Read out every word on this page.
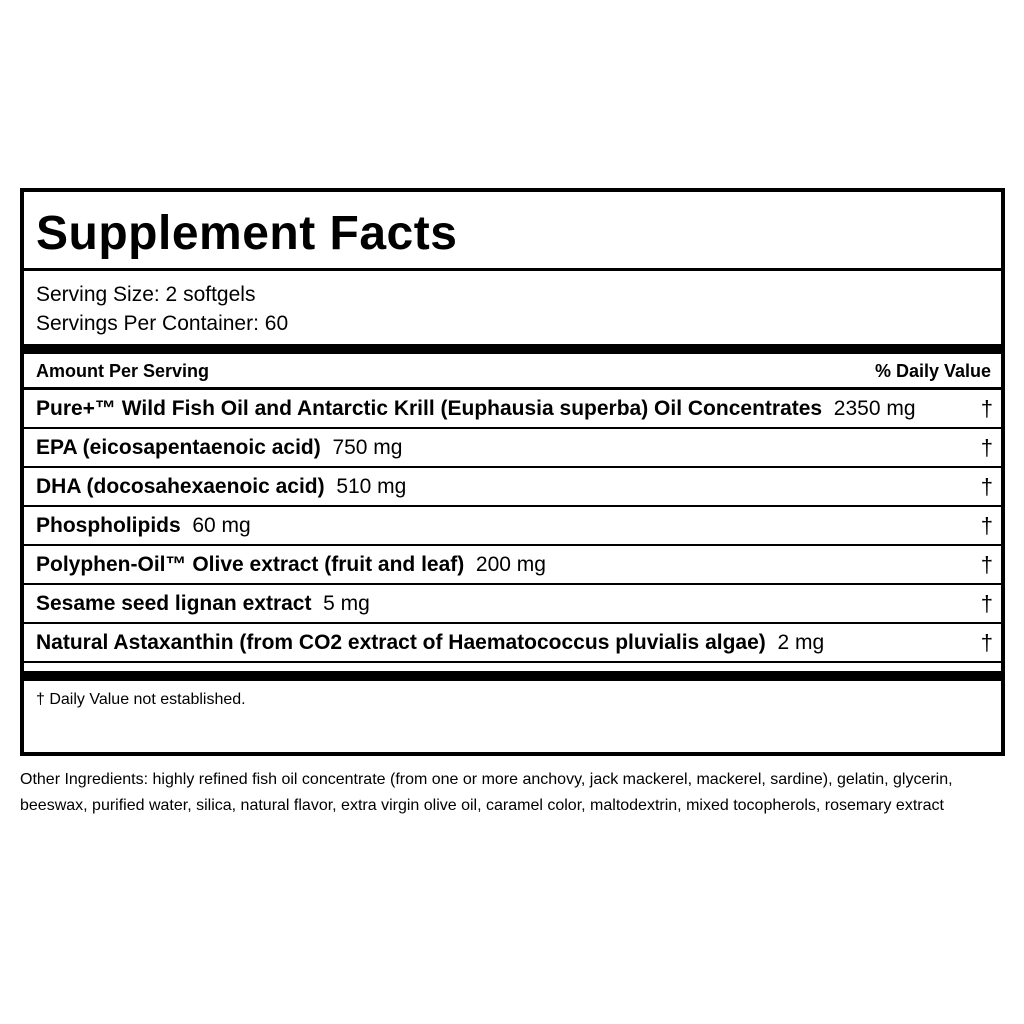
Supplement Facts
Serving Size: 2 softgels
Servings Per Container: 60
Amount Per Serving	% Daily Value
Pure+™ Wild Fish Oil and Antarctic Krill (Euphausia superba) Oil Concentrates 2350 mg	†
EPA (eicosapentaenoic acid) 750 mg	†
DHA (docosahexaenoic acid) 510 mg	†
Phospholipids 60 mg	†
Polyphen-Oil™ Olive extract (fruit and leaf) 200 mg	†
Sesame seed lignan extract 5 mg	†
Natural Astaxanthin (from CO2 extract of Haematococcus pluvialis algae) 2 mg	†
† Daily Value not established.
Other Ingredients: highly refined fish oil concentrate (from one or more anchovy, jack mackerel, mackerel, sardine), gelatin, glycerin, beeswax, purified water, silica, natural flavor, extra virgin olive oil, caramel color, maltodextrin, mixed tocopherols, rosemary extract
